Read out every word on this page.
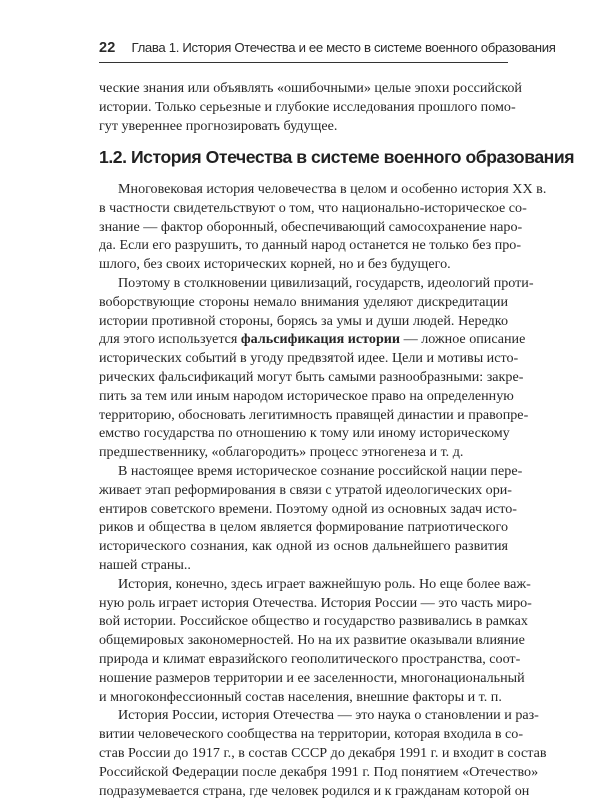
22 Глава 1. История Отечества и ее место в системе военного образования
ческие знания или объявлять «ошибочными» целые эпохи российской
истории. Только серьезные и глубокие исследования прошлого помо-
гут увереннее прогнозировать будущее.
1.2. История Отечества в системе военного образования
Многовековая история человечества в целом и особенно история XX в.
в частности свидетельствуют о том, что национально-историческое со-
знание — фактор оборонный, обеспечивающий самосохранение наро-
да. Если его разрушить, то данный народ останется не только без про-
шлого, без своих исторических корней, но и без будущего.
Поэтому в столкновении цивилизаций, государств, идеологий проти-
воборствующие стороны немало внимания уделяют дискредитации
истории противной стороны, борясь за умы и души людей. Нередко
для этого используется фальсификация истории — ложное описание
исторических событий в угоду предвзятой идее. Цели и мотивы исто-
рических фальсификаций могут быть самыми разнообразными: закре-
пить за тем или иным народом историческое право на определенную
территорию, обосновать легитимность правящей династии и правопре-
емство государства по отношению к тому или иному историческому
предшественнику, «облагородить» процесс этногенеза и т. д.
В настоящее время историческое сознание российской нации пере-
живает этап реформирования в связи с утратой идеологических ори-
ентиров советского времени. Поэтому одной из основных задач исто-
риков и общества в целом является формирование патриотического
исторического сознания, как одной из основ дальнейшего развития
нашей страны..
История, конечно, здесь играет важнейшую роль. Но еще более важ-
ную роль играет история Отечества. История России — это часть миро-
вой истории. Российское общество и государство развивались в рамках
общемировых закономерностей. Но на их развитие оказывали влияние
природа и климат евразийского геополитического пространства, соот-
ношение размеров территории и ее заселенности, многонациональный
и многоконфессионный состав населения, внешние факторы и т. п.
История России, история Отечества — это наука о становлении и раз-
витии человеческого сообщества на территории, которая входила в со-
став России до 1917 г., в состав СССР до декабря 1991 г. и входит в состав
Российской Федерации после декабря 1991 г. Под понятием «Отечество»
подразумевается страна, где человек родился и к гражданам которой он
